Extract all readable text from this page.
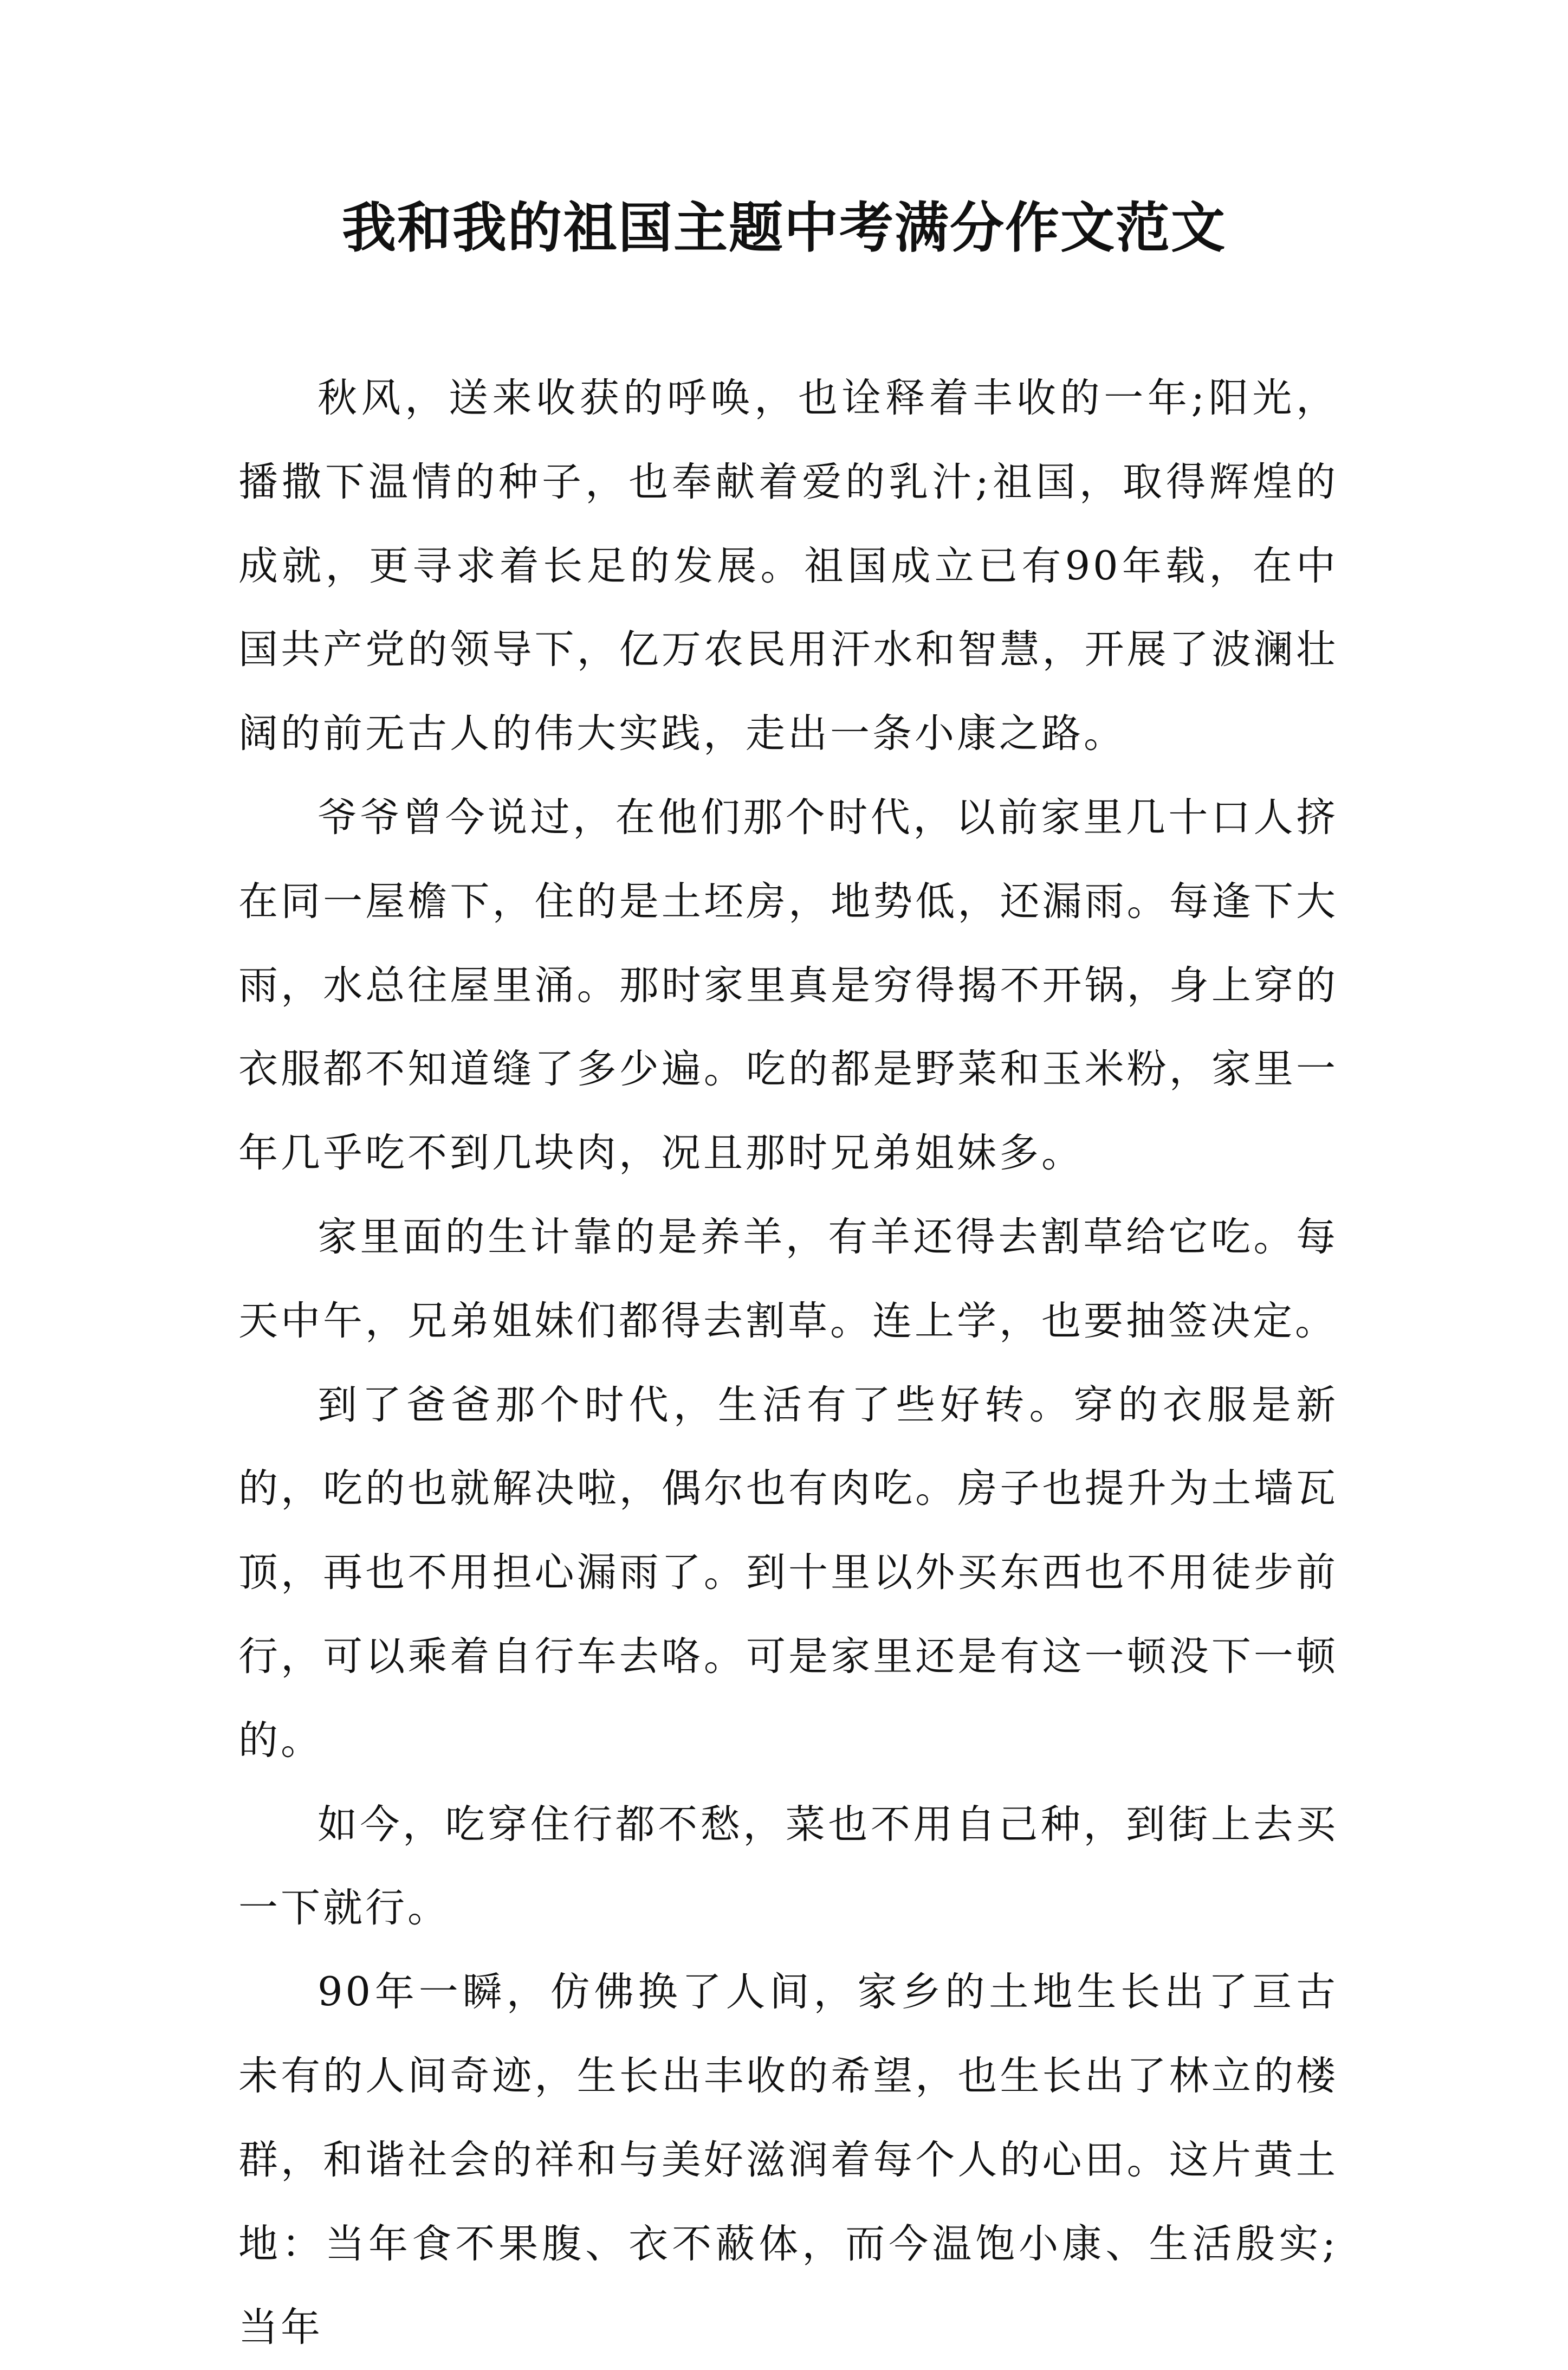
我和我的祖国主题中考满分作文范文

秋风，送来收获的呼唤，也诠释着丰收的一年;阳光，播撒下温情的种子，也奉献着爱的乳汁;祖国，取得辉煌的成就，更寻求着长足的发展。祖国成立已有90年载，在中国共产党的领导下，亿万农民用汗水和智慧，开展了波澜壮阔的前无古人的伟大实践，走出一条小康之路。

爷爷曾今说过，在他们那个时代，以前家里几十口人挤在同一屋檐下，住的是土坯房，地势低，还漏雨。每逢下大雨，水总往屋里涌。那时家里真是穷得揭不开锅，身上穿的衣服都不知道缝了多少遍。吃的都是野菜和玉米粉，家里一年几乎吃不到几块肉，况且那时兄弟姐妹多。

家里面的生计靠的是养羊，有羊还得去割草给它吃。每天中午，兄弟姐妹们都得去割草。连上学，也要抽签决定。

到了爸爸那个时代，生活有了些好转。穿的衣服是新的，吃的也就解决啦，偶尔也有肉吃。房子也提升为土墙瓦顶，再也不用担心漏雨了。到十里以外买东西也不用徒步前行，可以乘着自行车去咯。可是家里还是有这一顿没下一顿的。

如今，吃穿住行都不愁，菜也不用自己种，到街上去买一下就行。

90年一瞬，仿佛换了人间，家乡的土地生长出了亘古未有的人间奇迹，生长出丰收的希望，也生长出了林立的楼群，和谐社会的祥和与美好滋润着每个人的心田。这片黄土地：当年食不果腹、衣不蔽体，而今温饱小康、生活殷实;当年
